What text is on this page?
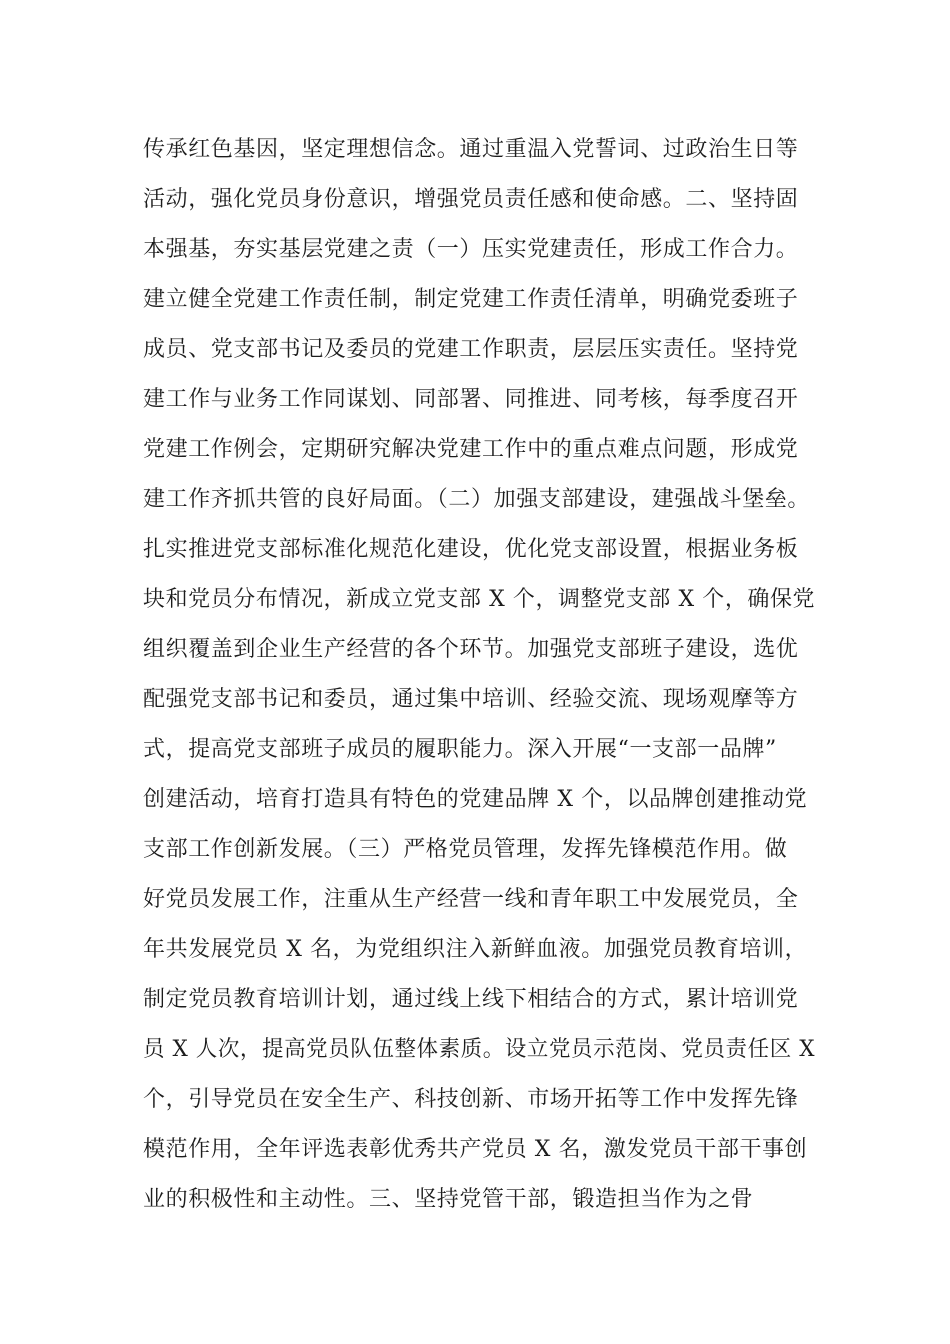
传承红色基因，坚定理想信念。通过重温入党誓词、过政治生日等
活动，强化党员身份意识，增强党员责任感和使命感。二、坚持固
本强基，夯实基层党建之责（一）压实党建责任，形成工作合力。
建立健全党建工作责任制，制定党建工作责任清单，明确党委班子
成员、党支部书记及委员的党建工作职责，层层压实责任。坚持党
建工作与业务工作同谋划、同部署、同推进、同考核，每季度召开
党建工作例会，定期研究解决党建工作中的重点难点问题，形成党
建工作齐抓共管的良好局面。（二）加强支部建设，建强战斗堡垒。
扎实推进党支部标准化规范化建设，优化党支部设置，根据业务板
块和党员分布情况，新成立党支部 X 个，调整党支部 X 个，确保党
组织覆盖到企业生产经营的各个环节。加强党支部班子建设，选优
配强党支部书记和委员，通过集中培训、经验交流、现场观摩等方
式，提高党支部班子成员的履职能力。深入开展“一支部一品牌”
创建活动，培育打造具有特色的党建品牌 X 个，以品牌创建推动党
支部工作创新发展。（三）严格党员管理，发挥先锋模范作用。做
好党员发展工作，注重从生产经营一线和青年职工中发展党员，全
年共发展党员 X 名，为党组织注入新鲜血液。加强党员教育培训，
制定党员教育培训计划，通过线上线下相结合的方式，累计培训党
员 X 人次，提高党员队伍整体素质。设立党员示范岗、党员责任区 X
个，引导党员在安全生产、科技创新、市场开拓等工作中发挥先锋
模范作用，全年评选表彰优秀共产党员 X 名，激发党员干部干事创
业的积极性和主动性。三、坚持党管干部，锻造担当作为之骨
